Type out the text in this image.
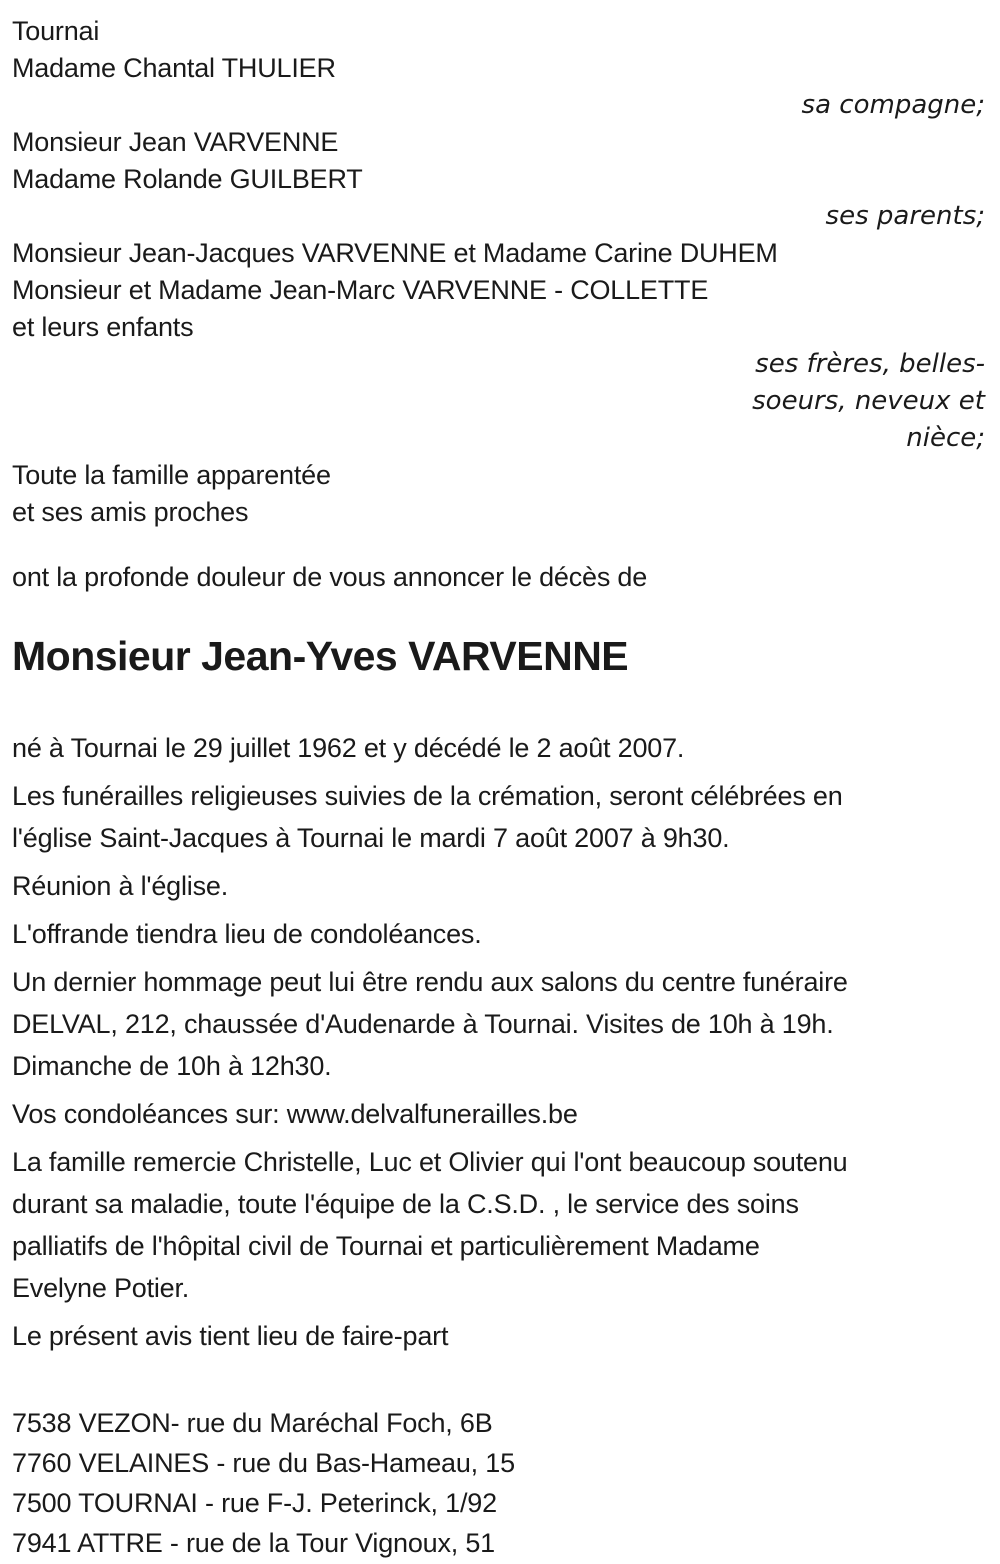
Tournai

Madame Chantal THULIER

sa compagne;

Monsieur Jean VARVENNE

Madame Rolande GUILBERT

ses parents;

Monsieur Jean-Jacques VARVENNE et Madame Carine DUHEM

Monsieur et Madame Jean-Marc VARVENNE - COLLETTE

et leurs enfants

ses frères, belles-

soeurs, neveux et

nièce;

Toute la famille apparentée

et ses amis proches

ont la profonde douleur de vous annoncer le décès de

Monsieur Jean-Yves VARVENNE
né à Tournai le 29 juillet 1962 et y décédé le 2 août 2007.
Les funérailles religieuses suivies de la crémation, seront célébrées en
l'église Saint-Jacques à Tournai le mardi 7 août 2007 à 9h30.
Réunion à l'église.
L'offrande tiendra lieu de condoléances.
Un dernier hommage peut lui être rendu aux salons du centre funéraire
DELVAL, 212, chaussée d'Audenarde à Tournai. Visites de 10h à 19h.
Dimanche de 10h à 12h30.
Vos condoléances sur: www.delvalfunerailles.be
La famille remercie Christelle, Luc et Olivier qui l'ont beaucoup soutenu
durant sa maladie, toute l'équipe de la C.S.D. , le service des soins
palliatifs de l'hôpital civil de Tournai et particulièrement Madame
Evelyne Potier.
Le présent avis tient lieu de faire-part

7538 VEZON- rue du Maréchal Foch, 6B

7760 VELAINES - rue du Bas-Hameau, 15

7500 TOURNAI - rue F-J. Peterinck, 1/92

7941 ATTRE - rue de la Tour Vignoux, 51
